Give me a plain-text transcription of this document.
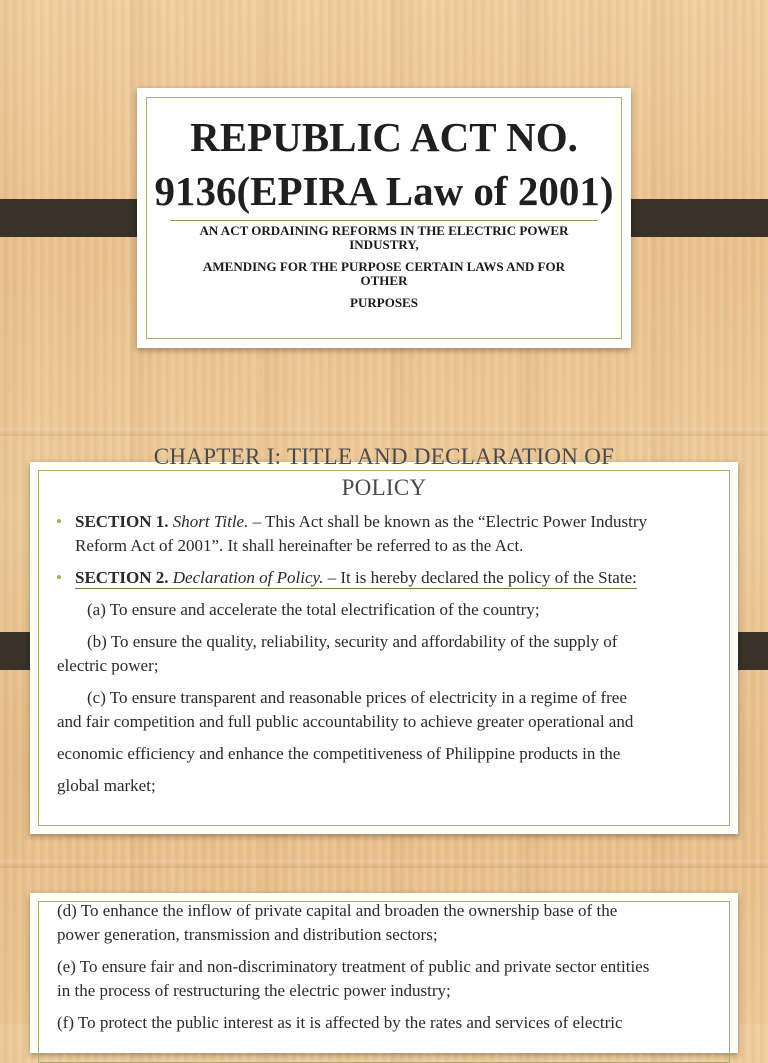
REPUBLIC ACT NO.
9136(EPIRA Law of 2001)
AN ACT ORDAINING REFORMS IN THE ELECTRIC POWER
INDUSTRY,
AMENDING FOR THE PURPOSE CERTAIN LAWS AND FOR
OTHER
PURPOSES
• SECTION 1. Short Title. – This Act shall be known as the “Electric Power Industry
Reform Act of 2001”. It shall hereinafter be referred to as the Act.
• SECTION 2. Declaration of Policy. – It is hereby declared the policy of the State:
(a) To ensure and accelerate the total electrification of the country;
(b) To ensure the quality, reliability, security and affordability of the supply of
electric power;
(c) To ensure transparent and reasonable prices of electricity in a regime of free
and fair competition and full public accountability to achieve greater operational and
economic efficiency and enhance the competitiveness of Philippine products in the
global market;
CHAPTER I: TITLE AND DECLARATION OF
POLICY
(d) To enhance the inflow of private capital and broaden the ownership base of the
power generation, transmission and distribution sectors;
(e) To ensure fair and non-discriminatory treatment of public and private sector entities
in the process of restructuring the electric power industry;
(f) To protect the public interest as it is affected by the rates and services of electric
